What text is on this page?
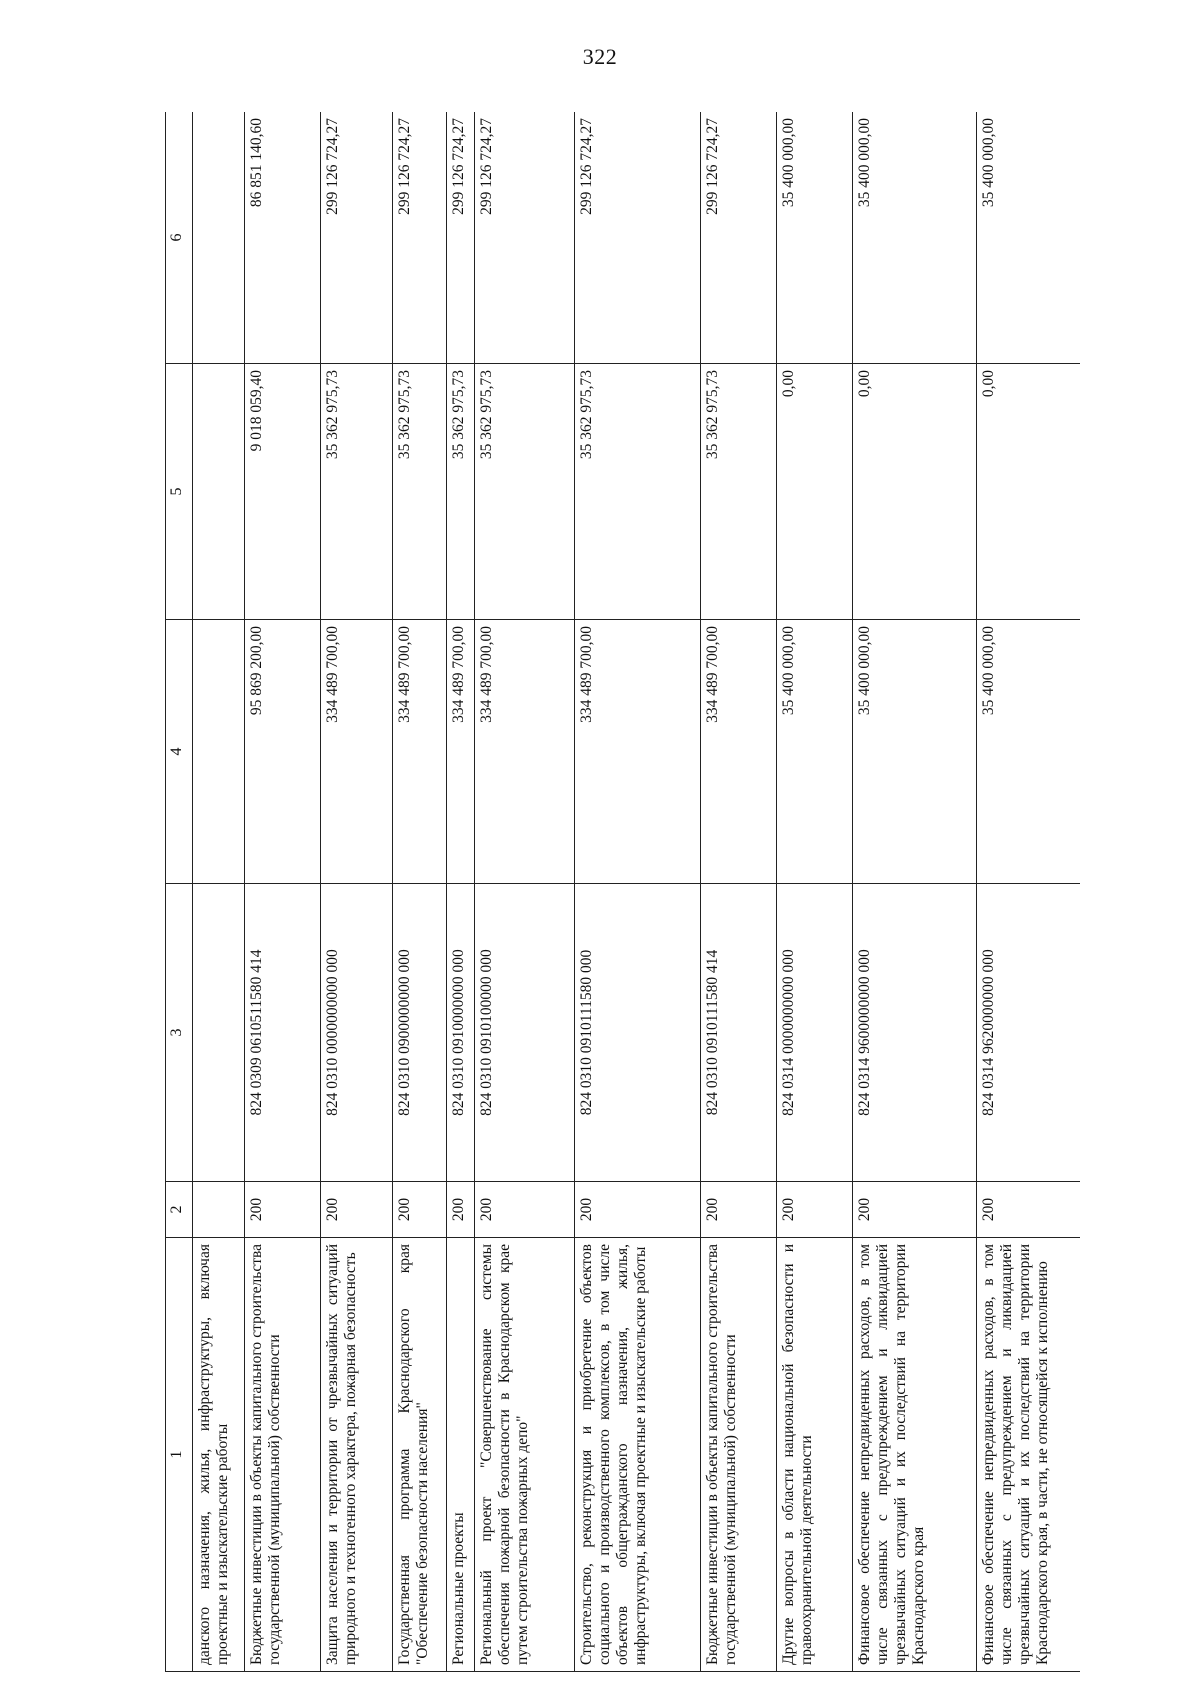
322
1	2	3	4	5	6
данского назначения, жилья, инфраструктуры, включая проектные и изыскательские работы					
Бюджетные инвестиции в объекты капитального строительства государственной (муниципальной) собственности	200	824 0309 0610511580 414	95 869 200,00	9 018 059,40	86 851 140,60
Защита населения и территории от чрезвычайных ситуаций природного и техногенного характера, пожарная безопасность	200	824 0310 0000000000 000	334 489 700,00	35 362 975,73	299 126 724,27
Государственная программа Краснодарского края "Обеспечение безопасности населения"	200	824 0310 0900000000 000	334 489 700,00	35 362 975,73	299 126 724,27
Региональные проекты	200	824 0310 0910000000 000	334 489 700,00	35 362 975,73	299 126 724,27
Региональный проект "Совершенствование системы обеспечения пожарной безопасности в Краснодарском крае путем строительства пожарных депо"	200	824 0310 0910100000 000	334 489 700,00	35 362 975,73	299 126 724,27
Строительство, реконструкция и приобретение объектов социального и производственного комплексов, в том числе объектов общегражданского назначения, жилья, инфраструктуры, включая проектные и изыскательские работы	200	824 0310 0910111580 000	334 489 700,00	35 362 975,73	299 126 724,27
Бюджетные инвестиции в объекты капитального строительства государственной (муниципальной) собственности	200	824 0310 0910111580 414	334 489 700,00	35 362 975,73	299 126 724,27
Другие вопросы в области национальной безопасности и правоохранительной деятельности	200	824 0314 0000000000 000	35 400 000,00	0,00	35 400 000,00
Финансовое обеспечение непредвиденных расходов, в том числе связанных с предупреждением и ликвидацией чрезвычайных ситуаций и их последствий на территории Краснодарского края	200	824 0314 9600000000 000	35 400 000,00	0,00	35 400 000,00
Финансовое обеспечение непредвиденных расходов, в том числе связанных с предупреждением и ликвидацией чрезвычайных ситуаций и их последствий на территории Краснодарского края, в части, не относящейся к исполнению	200	824 0314 9620000000 000	35 400 000,00	0,00	35 400 000,00
